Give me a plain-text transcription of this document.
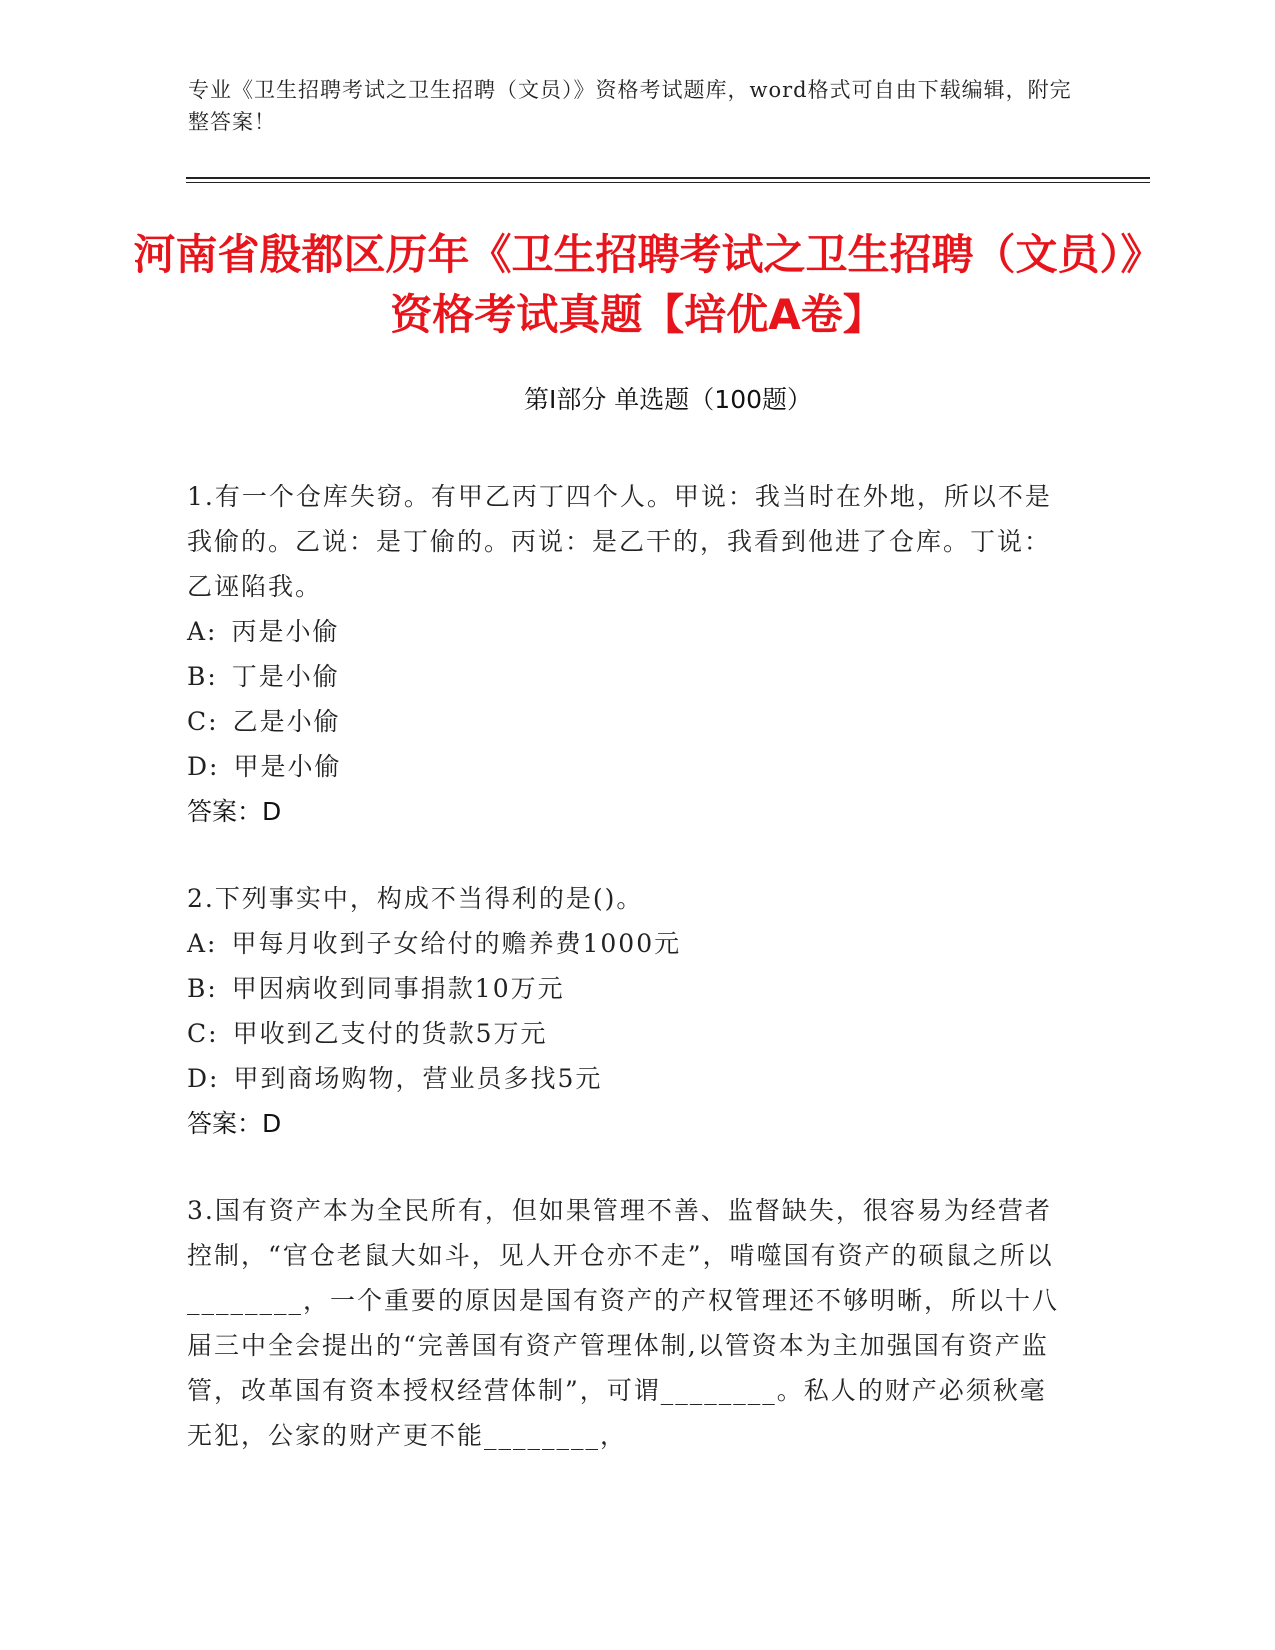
专业《卫生招聘考试之卫生招聘（文员）》资格考试题库，word格式可自由下载编辑，附完整答案！
河南省殷都区历年《卫生招聘考试之卫生招聘（文员）》资格考试真题【培优A卷】
第Ⅰ部分 单选题（100题）

1.有一个仓库失窃。有甲乙丙丁四个人。甲说：我当时在外地，所以不是我偷的。乙说：是丁偷的。丙说：是乙干的，我看到他进了仓库。丁说：乙诬陷我。

A: 丙是小偷

B: 丁是小偷

C: 乙是小偷

D: 甲是小偷

答案：D

2.下列事实中，构成不当得利的是()。

A: 甲每月收到子女给付的赡养费1000元

B: 甲因病收到同事捐款10万元

C: 甲收到乙支付的货款5万元

D: 甲到商场购物，营业员多找5元

答案：D

3.国有资产本为全民所有，但如果管理不善、监督缺失，很容易为经营者控制，“官仓老鼠大如斗，见人开仓亦不走”，啃噬国有资产的硕鼠之所以________，一个重要的原因是国有资产的产权管理还不够明晰，所以十八届三中全会提出的“完善国有资产管理体制,以管资本为主加强国有资产监管，改革国有资本授权经营体制”，可谓________。私人的财产必须秋毫无犯，公家的财产更不能________，
